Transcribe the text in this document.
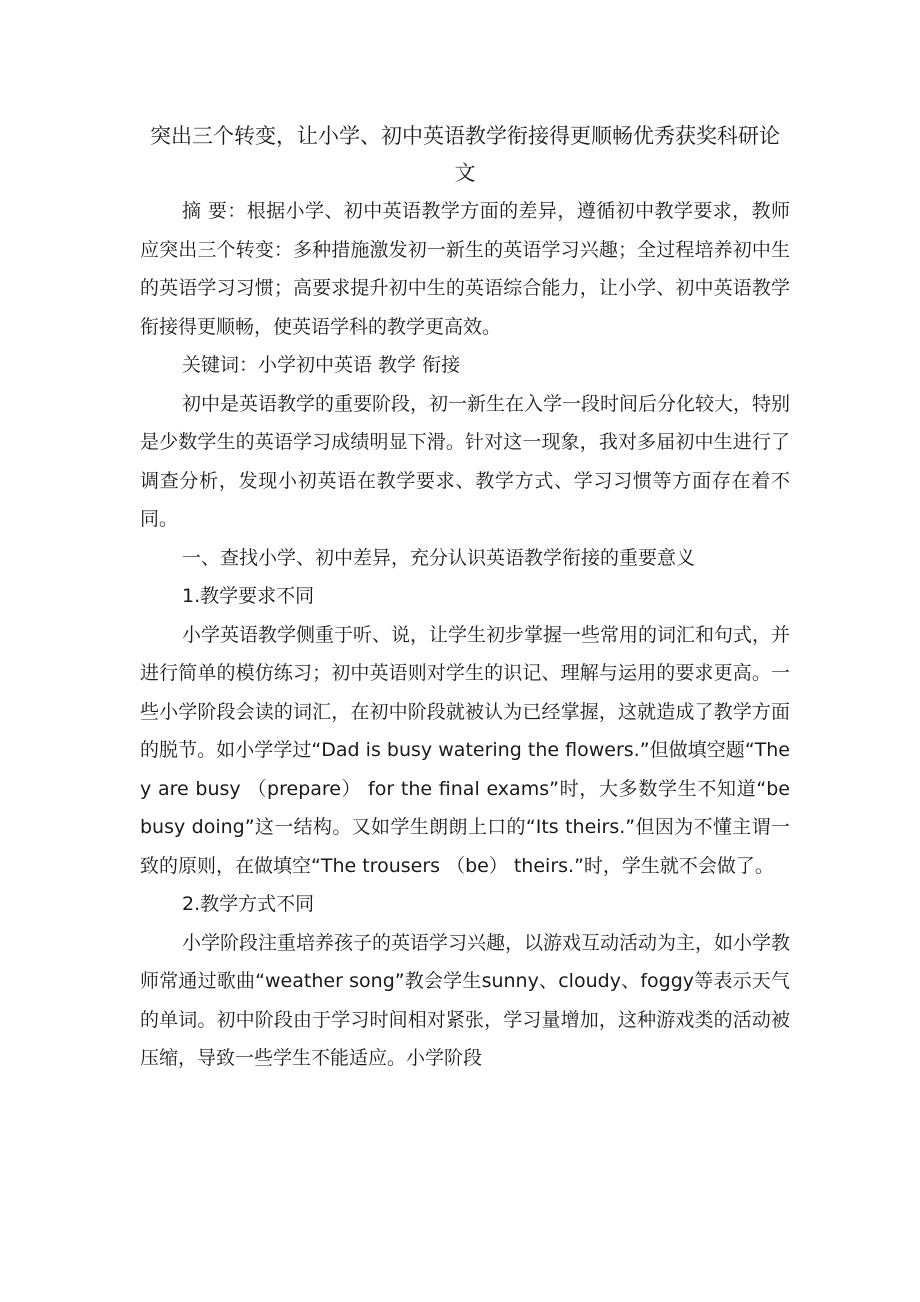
突出三个转变，让小学、初中英语教学衔接得更顺畅优秀获奖科研论文

摘 要：根据小学、初中英语教学方面的差异，遵循初中教学要求，教师应突出三个转变：多种措施激发初一新生的英语学习兴趣；全过程培养初中生的英语学习习惯；高要求提升初中生的英语综合能力，让小学、初中英语教学衔接得更顺畅，使英语学科的教学更高效。

关键词：小学初中英语 教学 衔接

初中是英语教学的重要阶段，初一新生在入学一段时间后分化较大，特别是少数学生的英语学习成绩明显下滑。针对这一现象，我对多届初中生进行了调查分析，发现小初英语在教学要求、教学方式、学习习惯等方面存在着不同。

一、查找小学、初中差异，充分认识英语教学衔接的重要意义

1.教学要求不同

小学英语教学侧重于听、说，让学生初步掌握一些常用的词汇和句式，并进行简单的模仿练习；初中英语则对学生的识记、理解与运用的要求更高。一些小学阶段会读的词汇，在初中阶段就被认为已经掌握，这就造成了教学方面的脱节。如小学学过“Dad is busy watering the flowers.”但做填空题“They are busy （prepare） for the final exams”时，大多数学生不知道“be busy doing”这一结构。又如学生朗朗上口的“Its theirs.”但因为不懂主谓一致的原则，在做填空“The trousers （be） theirs.”时，学生就不会做了。

2.教学方式不同

小学阶段注重培养孩子的英语学习兴趣，以游戏互动活动为主，如小学教师常通过歌曲“weather song”教会学生sunny、cloudy、foggy等表示天气的单词。初中阶段由于学习时间相对紧张，学习量增加，这种游戏类的活动被压缩，导致一些学生不能适应。小学阶段
